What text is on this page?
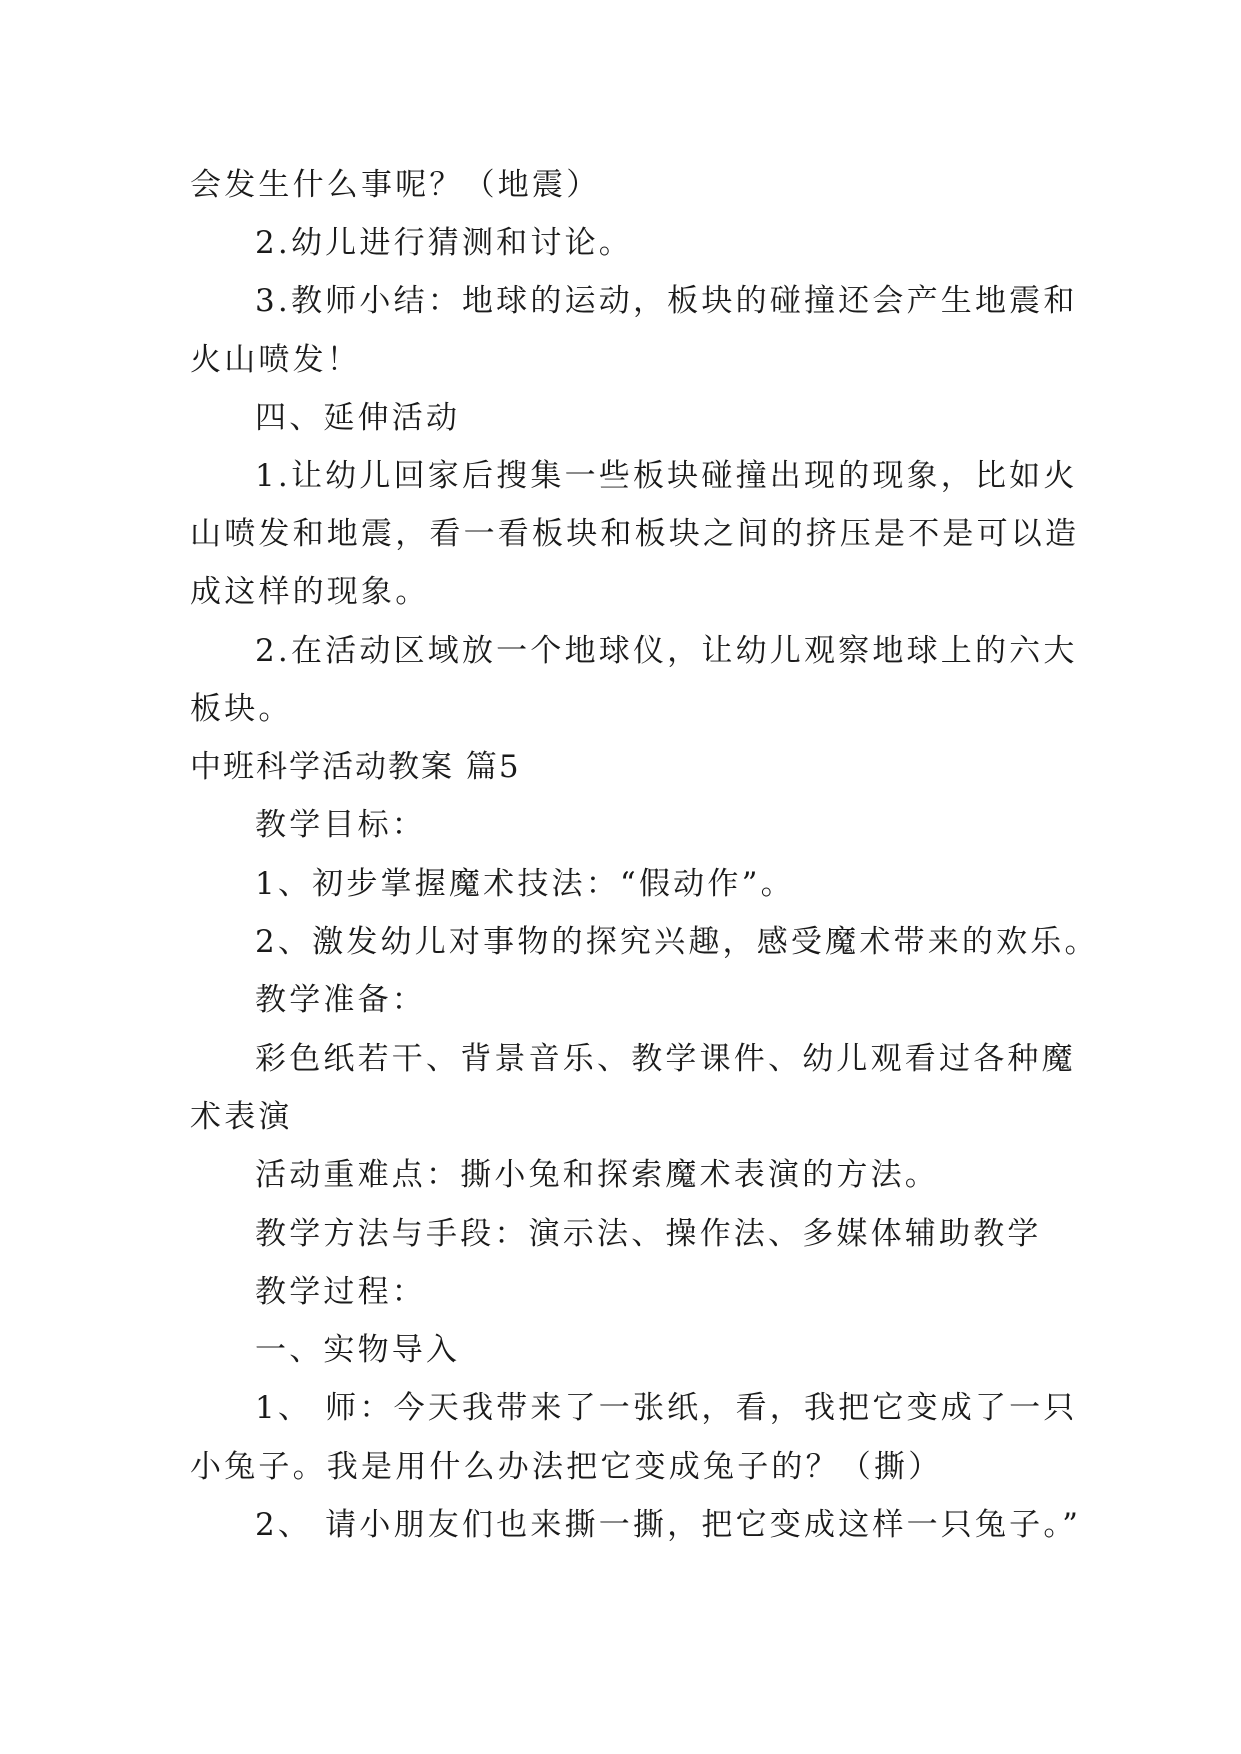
会发生什么事呢？（地震）
2.幼儿进行猜测和讨论。
3.教师小结：地球的运动，板块的碰撞还会产生地震和
火山喷发！
四、延伸活动
1.让幼儿回家后搜集一些板块碰撞出现的现象，比如火
山喷发和地震，看一看板块和板块之间的挤压是不是可以造
成这样的现象。
2.在活动区域放一个地球仪，让幼儿观察地球上的六大
板块。
中班科学活动教案 篇5
教学目标：
1、初步掌握魔术技法：“假动作”。
2、激发幼儿对事物的探究兴趣，感受魔术带来的欢乐。
教学准备：
彩色纸若干、背景音乐、教学课件、幼儿观看过各种魔
术表演
活动重难点：撕小兔和探索魔术表演的方法。
教学方法与手段：演示法、操作法、多媒体辅助教学
教学过程：
一、实物导入
1、 师：今天我带来了一张纸，看，我把它变成了一只
小兔子。我是用什么办法把它变成兔子的？（撕）
2、 请小朋友们也来撕一撕，把它变成这样一只兔子。”
